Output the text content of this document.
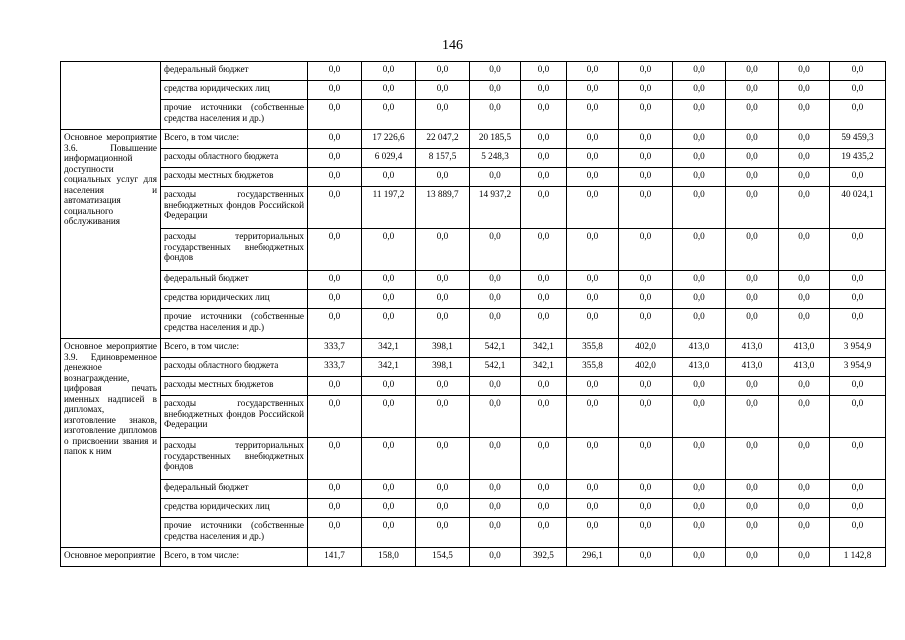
146
	федеральный бюджет	0,0	0,0	0,0	0,0	0,0	0,0	0,0	0,0	0,0	0,0	0,0
	средства юридических лиц	0,0	0,0	0,0	0,0	0,0	0,0	0,0	0,0	0,0	0,0	0,0
	прочие источники (собственные средства населения и др.)	0,0	0,0	0,0	0,0	0,0	0,0	0,0	0,0	0,0	0,0	0,0
Основное мероприятие 3.6. Повышение информационной доступности социальных услуг для населения и автоматизация социального обслуживания	Всего, в том числе:	0,0	17 226,6	22 047,2	20 185,5	0,0	0,0	0,0	0,0	0,0	0,0	59 459,3
	расходы областного бюджета	0,0	6 029,4	8 157,5	5 248,3	0,0	0,0	0,0	0,0	0,0	0,0	19 435,2
	расходы местных бюджетов	0,0	0,0	0,0	0,0	0,0	0,0	0,0	0,0	0,0	0,0	0,0
	расходы государственных внебюджетных фондов Российской Федерации	0,0	11 197,2	13 889,7	14 937,2	0,0	0,0	0,0	0,0	0,0	0,0	40 024,1
	расходы территориальных государственных внебюджетных фондов	0,0	0,0	0,0	0,0	0,0	0,0	0,0	0,0	0,0	0,0	0,0
	федеральный бюджет	0,0	0,0	0,0	0,0	0,0	0,0	0,0	0,0	0,0	0,0	0,0
	средства юридических лиц	0,0	0,0	0,0	0,0	0,0	0,0	0,0	0,0	0,0	0,0	0,0
	прочие источники (собственные средства населения и др.)	0,0	0,0	0,0	0,0	0,0	0,0	0,0	0,0	0,0	0,0	0,0
Основное мероприятие 3.9. Единовременное денежное вознаграждение, цифровая печать именных надписей в дипломах, изготовление знаков, изготовление дипломов о присвоении звания и папок к ним	Всего, в том числе:	333,7	342,1	398,1	542,1	342,1	355,8	402,0	413,0	413,0	413,0	3 954,9
	расходы областного бюджета	333,7	342,1	398,1	542,1	342,1	355,8	402,0	413,0	413,0	413,0	3 954,9
	расходы местных бюджетов	0,0	0,0	0,0	0,0	0,0	0,0	0,0	0,0	0,0	0,0	0,0
	расходы государственных внебюджетных фондов Российской Федерации	0,0	0,0	0,0	0,0	0,0	0,0	0,0	0,0	0,0	0,0	0,0
	расходы территориальных государственных внебюджетных фондов	0,0	0,0	0,0	0,0	0,0	0,0	0,0	0,0	0,0	0,0	0,0
	федеральный бюджет	0,0	0,0	0,0	0,0	0,0	0,0	0,0	0,0	0,0	0,0	0,0
	средства юридических лиц	0,0	0,0	0,0	0,0	0,0	0,0	0,0	0,0	0,0	0,0	0,0
	прочие источники (собственные средства населения и др.)	0,0	0,0	0,0	0,0	0,0	0,0	0,0	0,0	0,0	0,0	0,0
Основное мероприятие	Всего, в том числе:	141,7	158,0	154,5	0,0	392,5	296,1	0,0	0,0	0,0	0,0	1 142,8
